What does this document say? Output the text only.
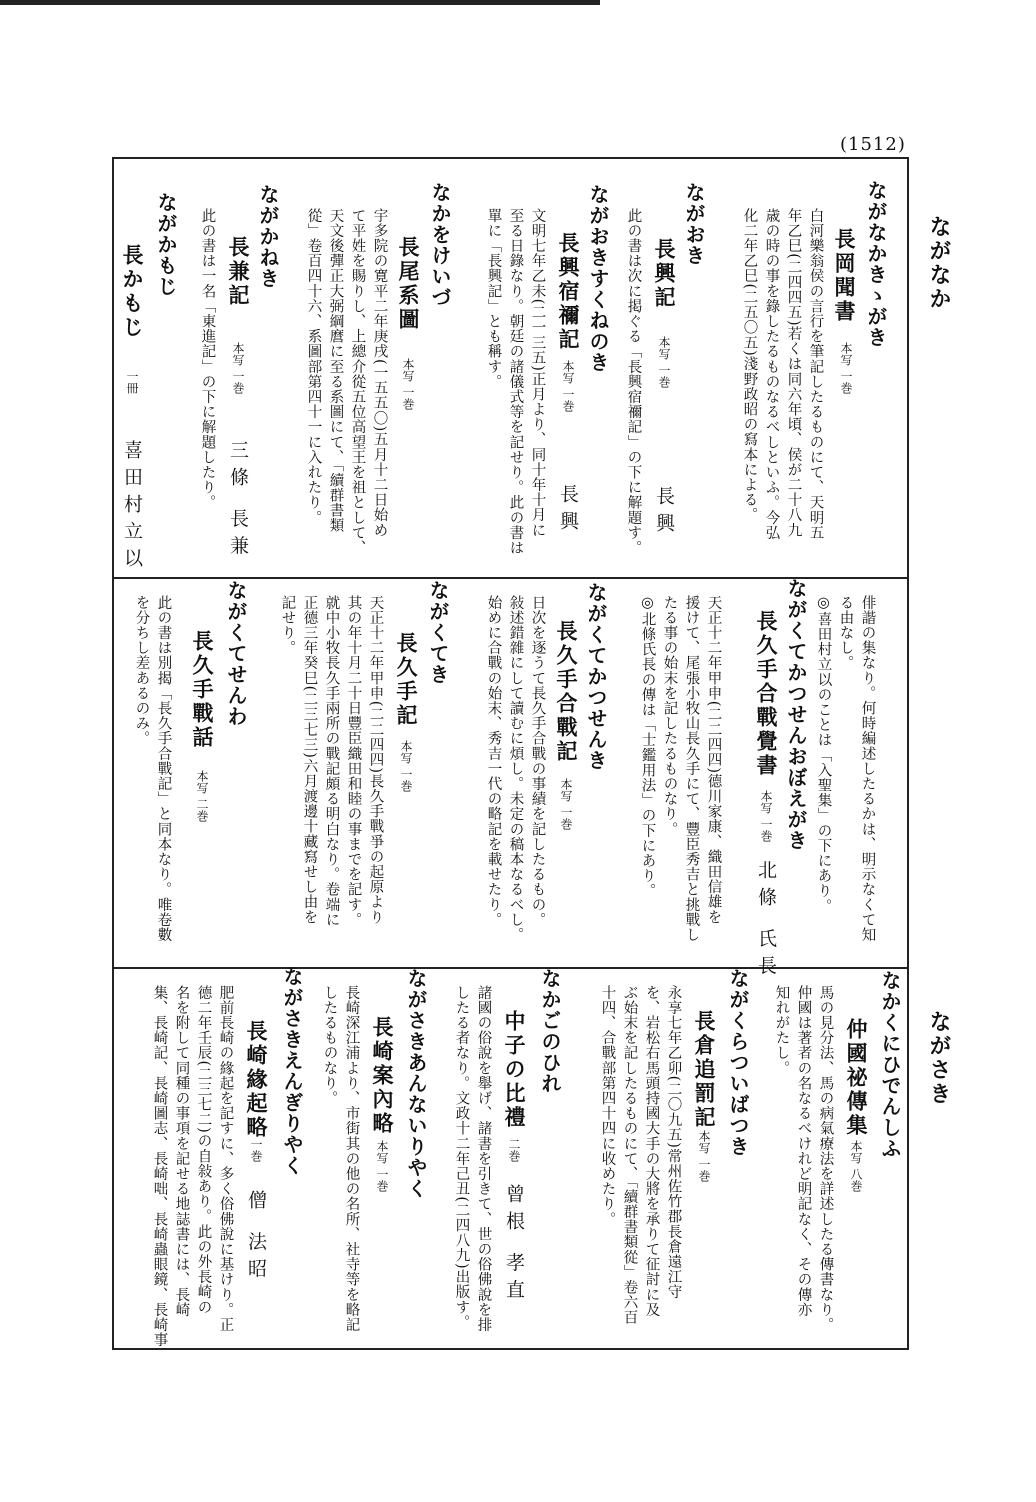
(1512)
ながなか
ながさき
ながなかきゝがき
長岡聞書
本写 一巻
白河樂翁侯の言行を筆記したるものにて、天明五
年乙巳(二四四五)若くは同六年頃、侯が二十八九
歳の時の事を錄したるものなるべしといふ。今弘
化二年乙巳(二五〇五)淺野政昭の寫本による。
ながおき
長興記
本写 一巻
長興
此の書は次に掲ぐる「長興宿禰記」の下に解題す。
ながおきすくねのき
長興宿禰記
本写 一巻
長興
文明七年乙未(二一三五)正月より、同十年十月に
至る日錄なり。朝廷の諸儀式等を記せり。此の書は
單に「長興記」とも稱す。
なかをけいづ
長尾系圖
本写 一巻
宇多院の寛平二年庚戌(一五五〇)五月十二日始め
て平姓を賜りし、上總介從五位高望王を祖として、
天文後彈正大弼綱麿に至る系圖にて、「續群書類
從」卷百四十六、系圖部第四十一に入れたり。
ながかねき
長兼記
本写 一巻
三條 長兼
此の書は一名「東進記」の下に解題したり。
ながかもじ
長かもじ
一冊
喜田村立以
俳諧の集なり。何時編述したるかは、明示なくて知
る由なし。
◎喜田村立以のことは「入聖集」の下にあり。
ながくてかつせんおぼえがき
長久手合戰覺書
本写 一巻
北條 氏長
天正十二年甲申(二二四四)德川家康、織田信雄を
援けて、尾張小牧山長久手にて、豐臣秀吉と挑戰し
たる事の始末を記したるものなり。
◎北條氏長の傳は「士鑑用法」の下にあり。
ながくてかつせんき
長久手合戰記
本写 一巻
日次を逐うて長久手合戰の事績を記したるもの。
敍述錯雜にして讀むに煩し。未定の稿本なるべし。
始めに合戰の始末、秀吉一代の略記を載せたり。
ながくてき
長久手記
本写 一巻
天正十二年甲申(二二四四)長久手戰爭の起原より
其の年十月二十日豐臣織田和睦の事までを記す。
就中小牧長久手兩所の戰記頗る明白なり。卷端に
正德三年癸巳(二三七三)六月渡邊十藏寫せし由を
記せり。
ながくてせんわ
長久手戰話
本写 二巻
此の書は別揭「長久手合戰記」と同本なり。唯卷數
を分ちし差あるのみ。
なかくにひでんしふ
仲國祕傳集
本写 八巻
馬の見分法、馬の病氣療法を詳述したる傳書なり。
仲國は著者の名なるべけれど明記なく、その傳亦
知れがたし。
ながくらついばつき
長倉追罰記
本写 一巻
永享七年乙卯(二〇九五)常州佐竹郡長倉遠江守
を、岩松右馬頭持國大手の大將を承りて征討に及
ぶ始末を記したるものにて、「續群書類從」卷六百
十四、合戰部第四十四に收めたり。
なかごのひれ
中子の比禮
二巻
曾根 孝直
諸國の俗說を舉げ、諸書を引きて、世の俗佛說を排
したる者なり。文政十二年己丑(二四八九)出版す。
ながさきあんないりやく
長崎案內略
本写 一巻
長崎深江浦より、市街其の他の名所、社寺等を略記
したるものなり。
ながさきえんぎりやく
長崎緣起略
一巻
僧 法昭
肥前長崎の緣起を記すに、多く俗佛說に基けり。正
德二年壬辰(二三七二)の自敍あり。此の外長崎の
名を附して同種の事項を記せる地誌書には、長崎
集、長崎記、長崎圖志、長崎咄、長崎蟲眼鏡、長崎事
